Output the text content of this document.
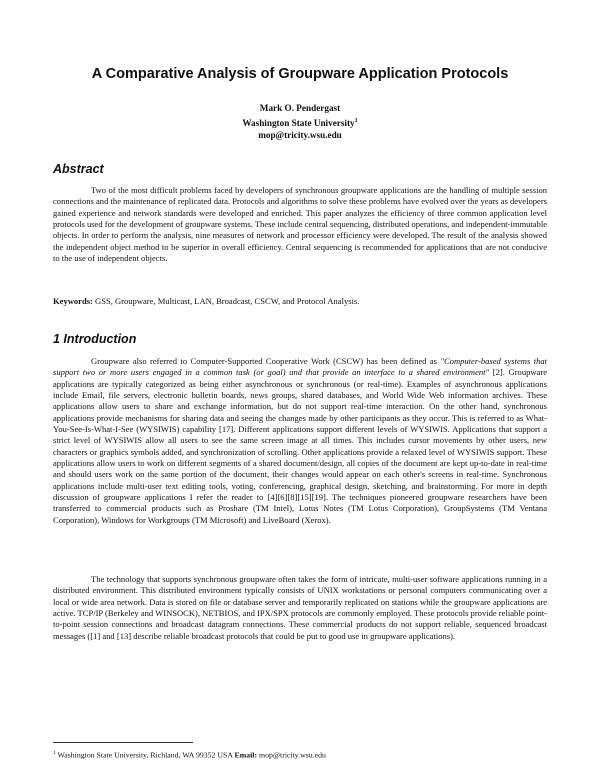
A Comparative Analysis of Groupware Application Protocols
Mark O. Pendergast
Washington State University$^1$
mop@tricity.wsu.edu
Abstract

Two of the most difficult problems faced by developers of synchronous groupware applications are the handling of multiple session connections and the maintenance of replicated data. Protocols and algorithms to solve these problems have evolved over the years as developers gained experience and network standards were developed and enriched. This paper analyzes the efficiency of three common application level protocols used for the development of groupware systems. These include central sequencing, distributed operations, and independent-immutable objects. In order to perform the analysis, nine measures of network and processor efficiency were developed. The result of the analysis showed the independent object method to be superior in overall efficiency. Central sequencing is recommended for applications that are not conducive to the use of independent objects.

Keywords: GSS, Groupware, Multicast, LAN, Broadcast, CSCW, and Protocol Analysis.

1 Introduction

Groupware also referred to Computer-Supported Cooperative Work (CSCW) has been defined as "Computer-based systems that support two or more users engaged in a common task (or goal) and that provide an interface to a shared environment" [2]. Groupware applications are typically categorized as being either asynchronous or synchronous (or real-time). Examples of asynchronous applications include Email, file servers, electronic bulletin boards, news groups, shared databases, and World Wide Web information archives. These applications allow users to share and exchange information, but do not support real-time interaction. On the other hand, synchronous applications provide mechanisms for sharing data and seeing the changes made by other participants as they occur. This is referred to as What-You-See-Is-What-I-See (WYSIWIS) capability [17]. Different applications support different levels of WYSIWIS. Applications that support a strict level of WYSIWIS allow all users to see the same screen image at all times. This includes cursor movements by other users, new characters or graphics symbols added, and synchronization of scrolling. Other applications provide a relaxed level of WYSIWIS support. These applications allow users to work on different segments of a shared document/design, all copies of the document are kept up-to-date in real-time and should users work on the same portion of the document, their changes would appear on each other's screens in real-time. Synchronous applications include multi-user text editing tools, voting, conferencing, graphical design, sketching, and brainstorming. For more in depth discussion of groupware applications I refer the reader to [4][6][8][15][19]. The techniques pioneered groupware researchers have been transferred to commercial products such as Proshare (TM Intel), Lotus Notes (TM Lotus Corporation), GroupSystems (TM Ventana Corporation), Windows for Workgroups (TM Microsoft) and LiveBoard (Xerox).

The technology that supports synchronous groupware often takes the form of intricate, multi-user software applications running in a distributed environment. This distributed environment typically consists of UNIX workstations or personal computers communicating over a local or wide area network. Data is stored on file or database server and temporarily replicated on stations while the groupware applications are active. TCP/IP (Berkeley and WINSOCK), NETBIOS, and IPX/SPX protocols are commonly employed. These protocols provide reliable point-to-point session connections and broadcast datagram connections. These commercial products do not support reliable, sequenced broadcast messages ([1] and [13] describe reliable broadcast protocols that could be put to good use in groupware applications).

$^1$ Washington State University, Richland, WA 99352 USA Email: mop@tricity.wsu.edu
